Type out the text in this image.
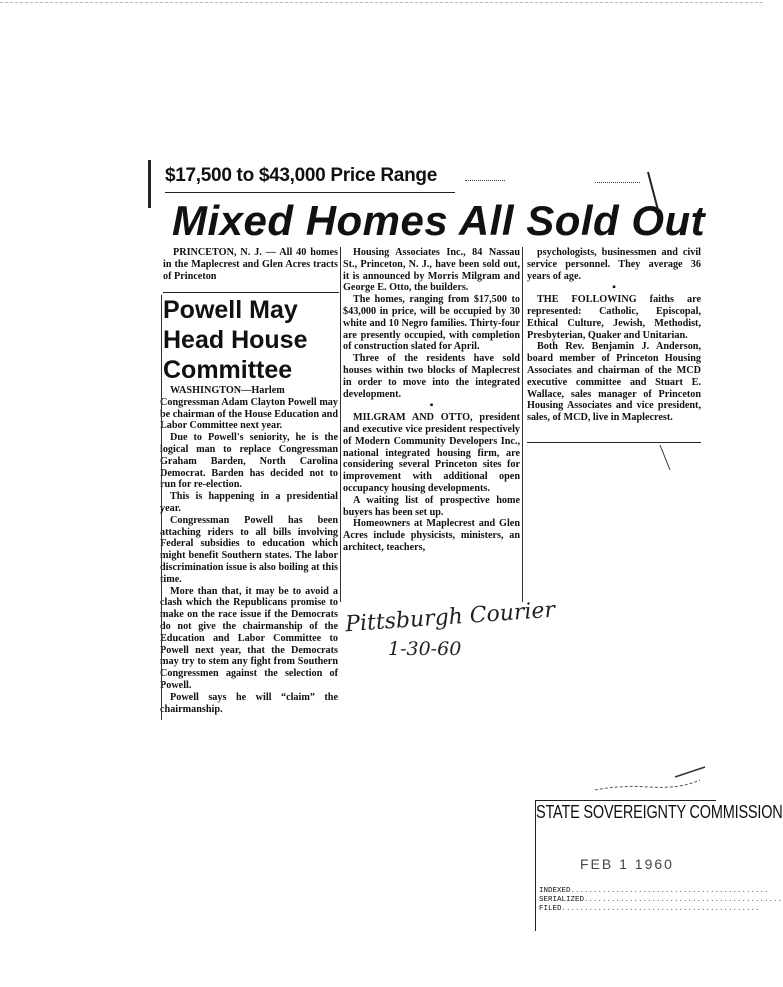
$17,500 to $43,000 Price Range
Mixed Homes All Sold Out

PRINCETON, N. J. — All 40 homes in the Maplecrest and Glen Acres tracts of Princeton

Powell May
Head House
Committee

WASHINGTON—Harlem Congressman Adam Clayton Powell may be chairman of the House Education and Labor Committee next year.

Due to Powell's seniority, he is the logical man to replace Congressman Graham Barden, North Carolina Democrat. Barden has decided not to run for re-election.

This is happening in a presidential year.

Congressman Powell has been attaching riders to all bills involving Federal subsidies to education which might benefit Southern states. The labor discrimination issue is also boiling at this time.

More than that, it may be to avoid a clash which the Republicans promise to make on the race issue if the Democrats do not give the chairmanship of the Education and Labor Committee to Powell next year, that the Democrats may try to stem any fight from Southern Congressmen against the selection of Powell.

Powell says he will “claim” the chairmanship.

Housing Associates Inc., 84 Nassau St., Princeton, N. J., have been sold out, it is announced by Morris Milgram and George E. Otto, the builders.

The homes, ranging from $17,500 to $43,000 in price, will be occupied by 30 white and 10 Negro families. Thirty-four are presently occupied, with completion of construction slated for April.

Three of the residents have sold houses within two blocks of Maplecrest in order to move into the integrated development.

▪

MILGRAM AND OTTO, president and executive vice president respectively of Modern Community Developers Inc., national integrated housing firm, are considering several Princeton sites for improvement with additional open occupancy housing developments.

A waiting list of prospective home buyers has been set up.

Homeowners at Maplecrest and Glen Acres include physicists, ministers, an architect, teachers,

psychologists, businessmen and civil service personnel. They average 36 years of age.

▪

THE FOLLOWING faiths are represented: Catholic, Episcopal, Ethical Culture, Jewish, Methodist, Presbyterian, Quaker and Unitarian.

Both Rev. Benjamin J. Anderson, board member of Princeton Housing Associates and chairman of the MCD executive committee and Stuart E. Wallace, sales manager of Princeton Housing Associates and vice president, sales, of MCD, live in Maplecrest.

Pittsburgh Courier
1-30-60
STATE SOVEREIGNTY COMMISSION
FEB 1 1960
INDEXED............................................
SERIALIZED............................................
FILED............................................
